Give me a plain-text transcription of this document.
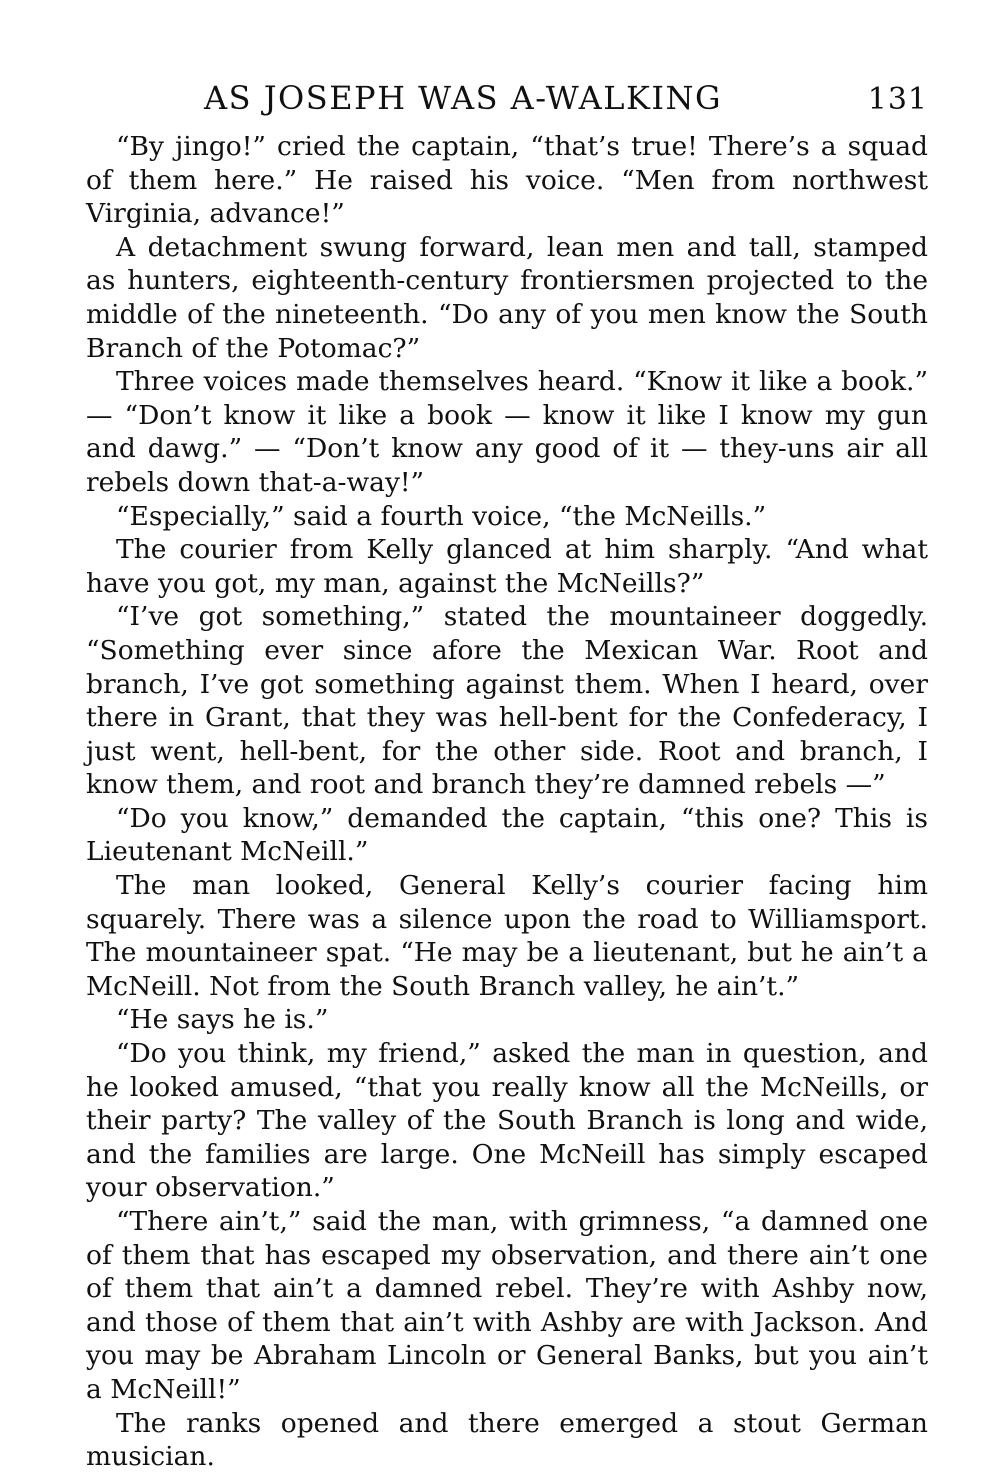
AS JOSEPH WAS A-WALKING	131

“By jingo!” cried the captain, “that’s true! There’s a squad of them here.” He raised his voice. “Men from northwest Virginia, advance!”

A detachment swung forward, lean men and tall, stamped as hunters, eighteenth-century frontiersmen projected to the middle of the nineteenth. “Do any of you men know the South Branch of the Potomac?”

Three voices made themselves heard. “Know it like a book.” — “Don’t know it like a book — know it like I know my gun and dawg.” — “Don’t know any good of it — they-uns air all rebels down that-a-way!”

“Especially,” said a fourth voice, “the McNeills.”

The courier from Kelly glanced at him sharply. “And what have you got, my man, against the McNeills?”

“I’ve got something,” stated the mountaineer doggedly. “Something ever since afore the Mexican War. Root and branch, I’ve got something against them. When I heard, over there in Grant, that they was hell-bent for the Confederacy, I just went, hell-bent, for the other side. Root and branch, I know them, and root and branch they’re damned rebels —”

“Do you know,” demanded the captain, “this one? This is Lieutenant McNeill.”

The man looked, General Kelly’s courier facing him squarely. There was a silence upon the road to Williamsport. The mountaineer spat. “He may be a lieutenant, but he ain’t a McNeill. Not from the South Branch valley, he ain’t.”

“He says he is.”

“Do you think, my friend,” asked the man in question, and he looked amused, “that you really know all the McNeills, or their party? The valley of the South Branch is long and wide, and the families are large. One McNeill has simply escaped your observation.”

“There ain’t,” said the man, with grimness, “a damned one of them that has escaped my observation, and there ain’t one of them that ain’t a damned rebel. They’re with Ashby now, and those of them that ain’t with Ashby are with Jackson. And you may be Abraham Lincoln or General Banks, but you ain’t a McNeill!”

The ranks opened and there emerged a stout German musician.
